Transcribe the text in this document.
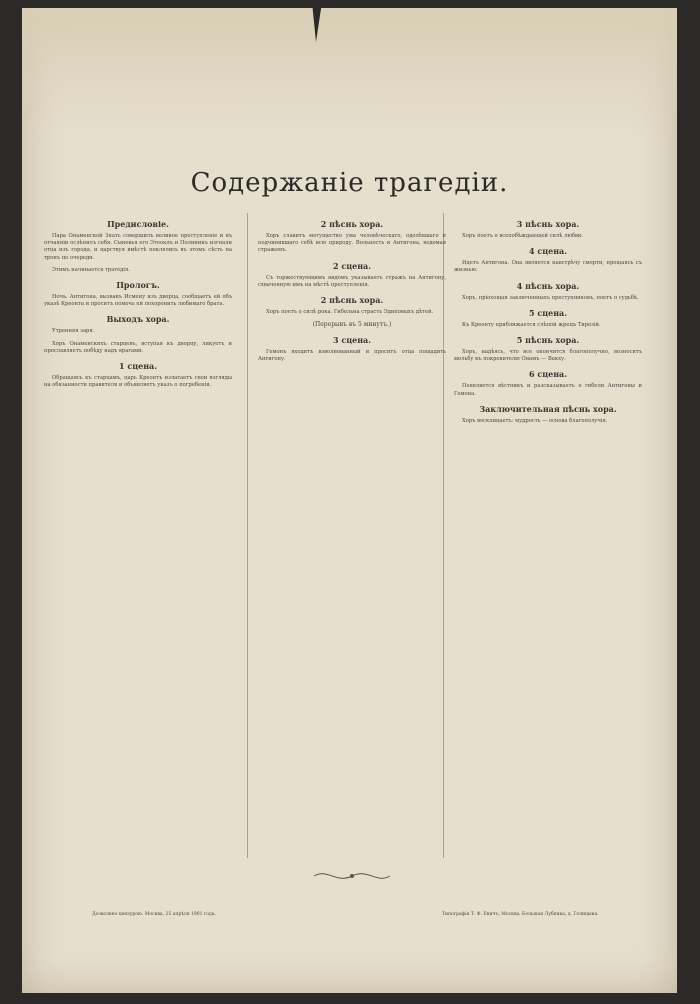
Содержаніе трагедіи.
Предисловіе.

Пара Онаменской Знать совершилъ великое преступленіе и въ отчаяніи ослѣпилъ себя. Сыновья его Этеоклъ и Полиникъ изгнали отца изъ города, и царствуя вмѣстѣ поклялись въ этомъ сѣсть на тронъ по очереди.

Этимъ начинается трагедія.

Прологъ.

Ночь. Антигона, вызвавъ Исмену изъ дворца, сообщаетъ ей объ указѣ Креонта и проситъ помочь ей похоронить любимаго брата.

Выходъ хора.

Утренняя заря.

Хоръ Онаменскихъ старцевъ, вступая къ дворцу, ликуетъ и прославляетъ побѣду надъ врагами.

1 сцена.

Обращаясь къ старцамъ, царь Креонтъ излагаетъ свои взгляды на обязанности правителя и объявляетъ указъ о погребеніи.

2 пѣснь хора.

Хоръ славитъ могущество ума человѣческаго, одолѣвшаго и подчинившаго себѣ всю природу. Вольность и Антигона, ведомая стражемъ.

2 сцена.

Съ торжествующимъ видомъ указываетъ стражъ на Антигону, схваченную имъ на мѣстѣ преступленія.

2 пѣснь хора.

Хоръ поетъ о силѣ рока. Гибельна страсть Эдиповыхъ дѣтей.

(Перерывъ въ 5 минутъ.)
3 сцена.

Гемонъ входитъ взволнованный и проситъ отца пощадить Антигону.

3 пѣснь хора.

Хоръ поетъ о всепобѣждающей силѣ любви.

4 сцена.

Идетъ Антигона. Она является навстрѣчу смерти, прощаясь съ жизнью.

4 пѣснь хора.

Хоръ, пріохощая заключенныхъ преступниковъ, поетъ о судьбѣ.

5 сцена.

Къ Креонту приближается слѣпой жрецъ Тирезій.

5 пѣснь хора.

Хоръ, надѣясь, что все окончится благополучно, возноситъ мольбу къ покровителю Онамъ — Вакху.

6 сцена.

Появляется вѣстникъ и разсказываетъ о гибели Антигоны и Гемона.

Заключительная пѣснь хора.

Хоръ восклицаетъ: мудрость — основа благополучія.

Дозволено цензурою. Москва, 25 апрѣля 1901 года.	Типографія Т. Ф. Еничъ, Москва, Большая Лубянка, д. Голицына.
